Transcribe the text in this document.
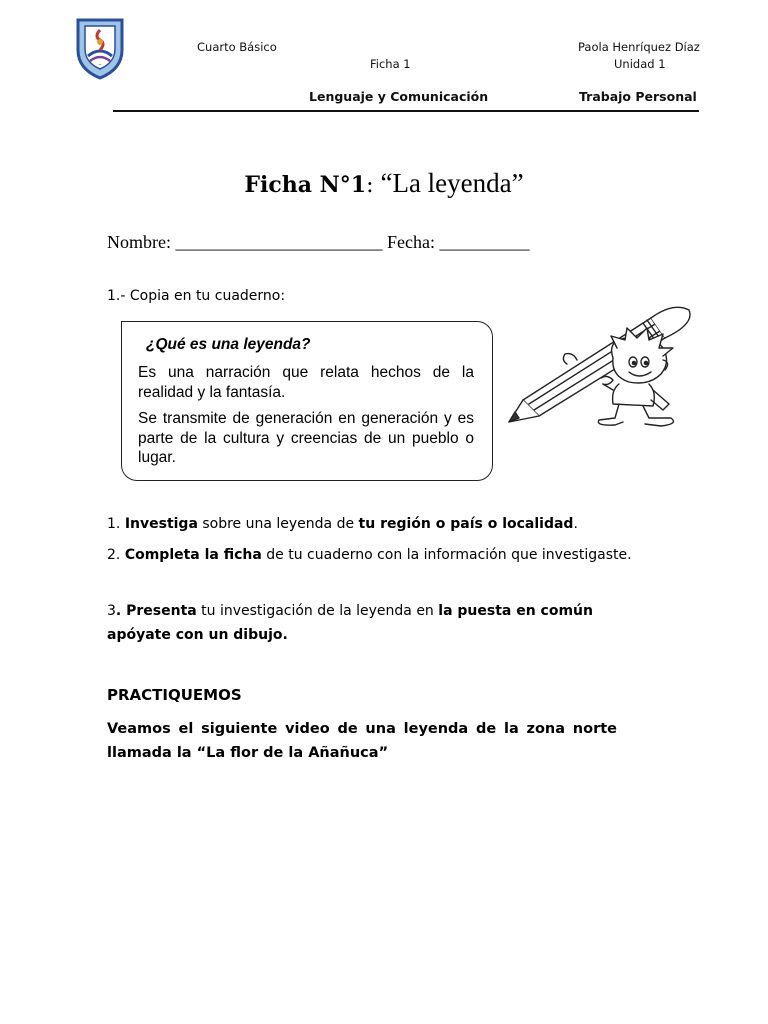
~
Cuarto Básico
Ficha 1
Paola Henríquez Díaz
Unidad 1
Lenguaje y Comunicación	Trabajo Personal
Ficha N°1: “La leyenda”
Nombre: _______________________ Fecha: __________
1.- Copia en tu cuaderno:
¿Qué es una leyenda?
Es una narración que relata hechos de la realidad y la fantasía.
Se transmite de generación en generación y es parte de la cultura y creencias de un pueblo o lugar.
1. Investiga sobre una leyenda de tu región o país o localidad.
2. Completa la ficha de tu cuaderno con la información que investigaste.
3. Presenta tu investigación de la leyenda en la puesta en común apóyate con un dibujo.
PRACTIQUEMOS
Veamos el siguiente video de una leyenda de la zona norte llamada la “La flor de la Añañuca”
